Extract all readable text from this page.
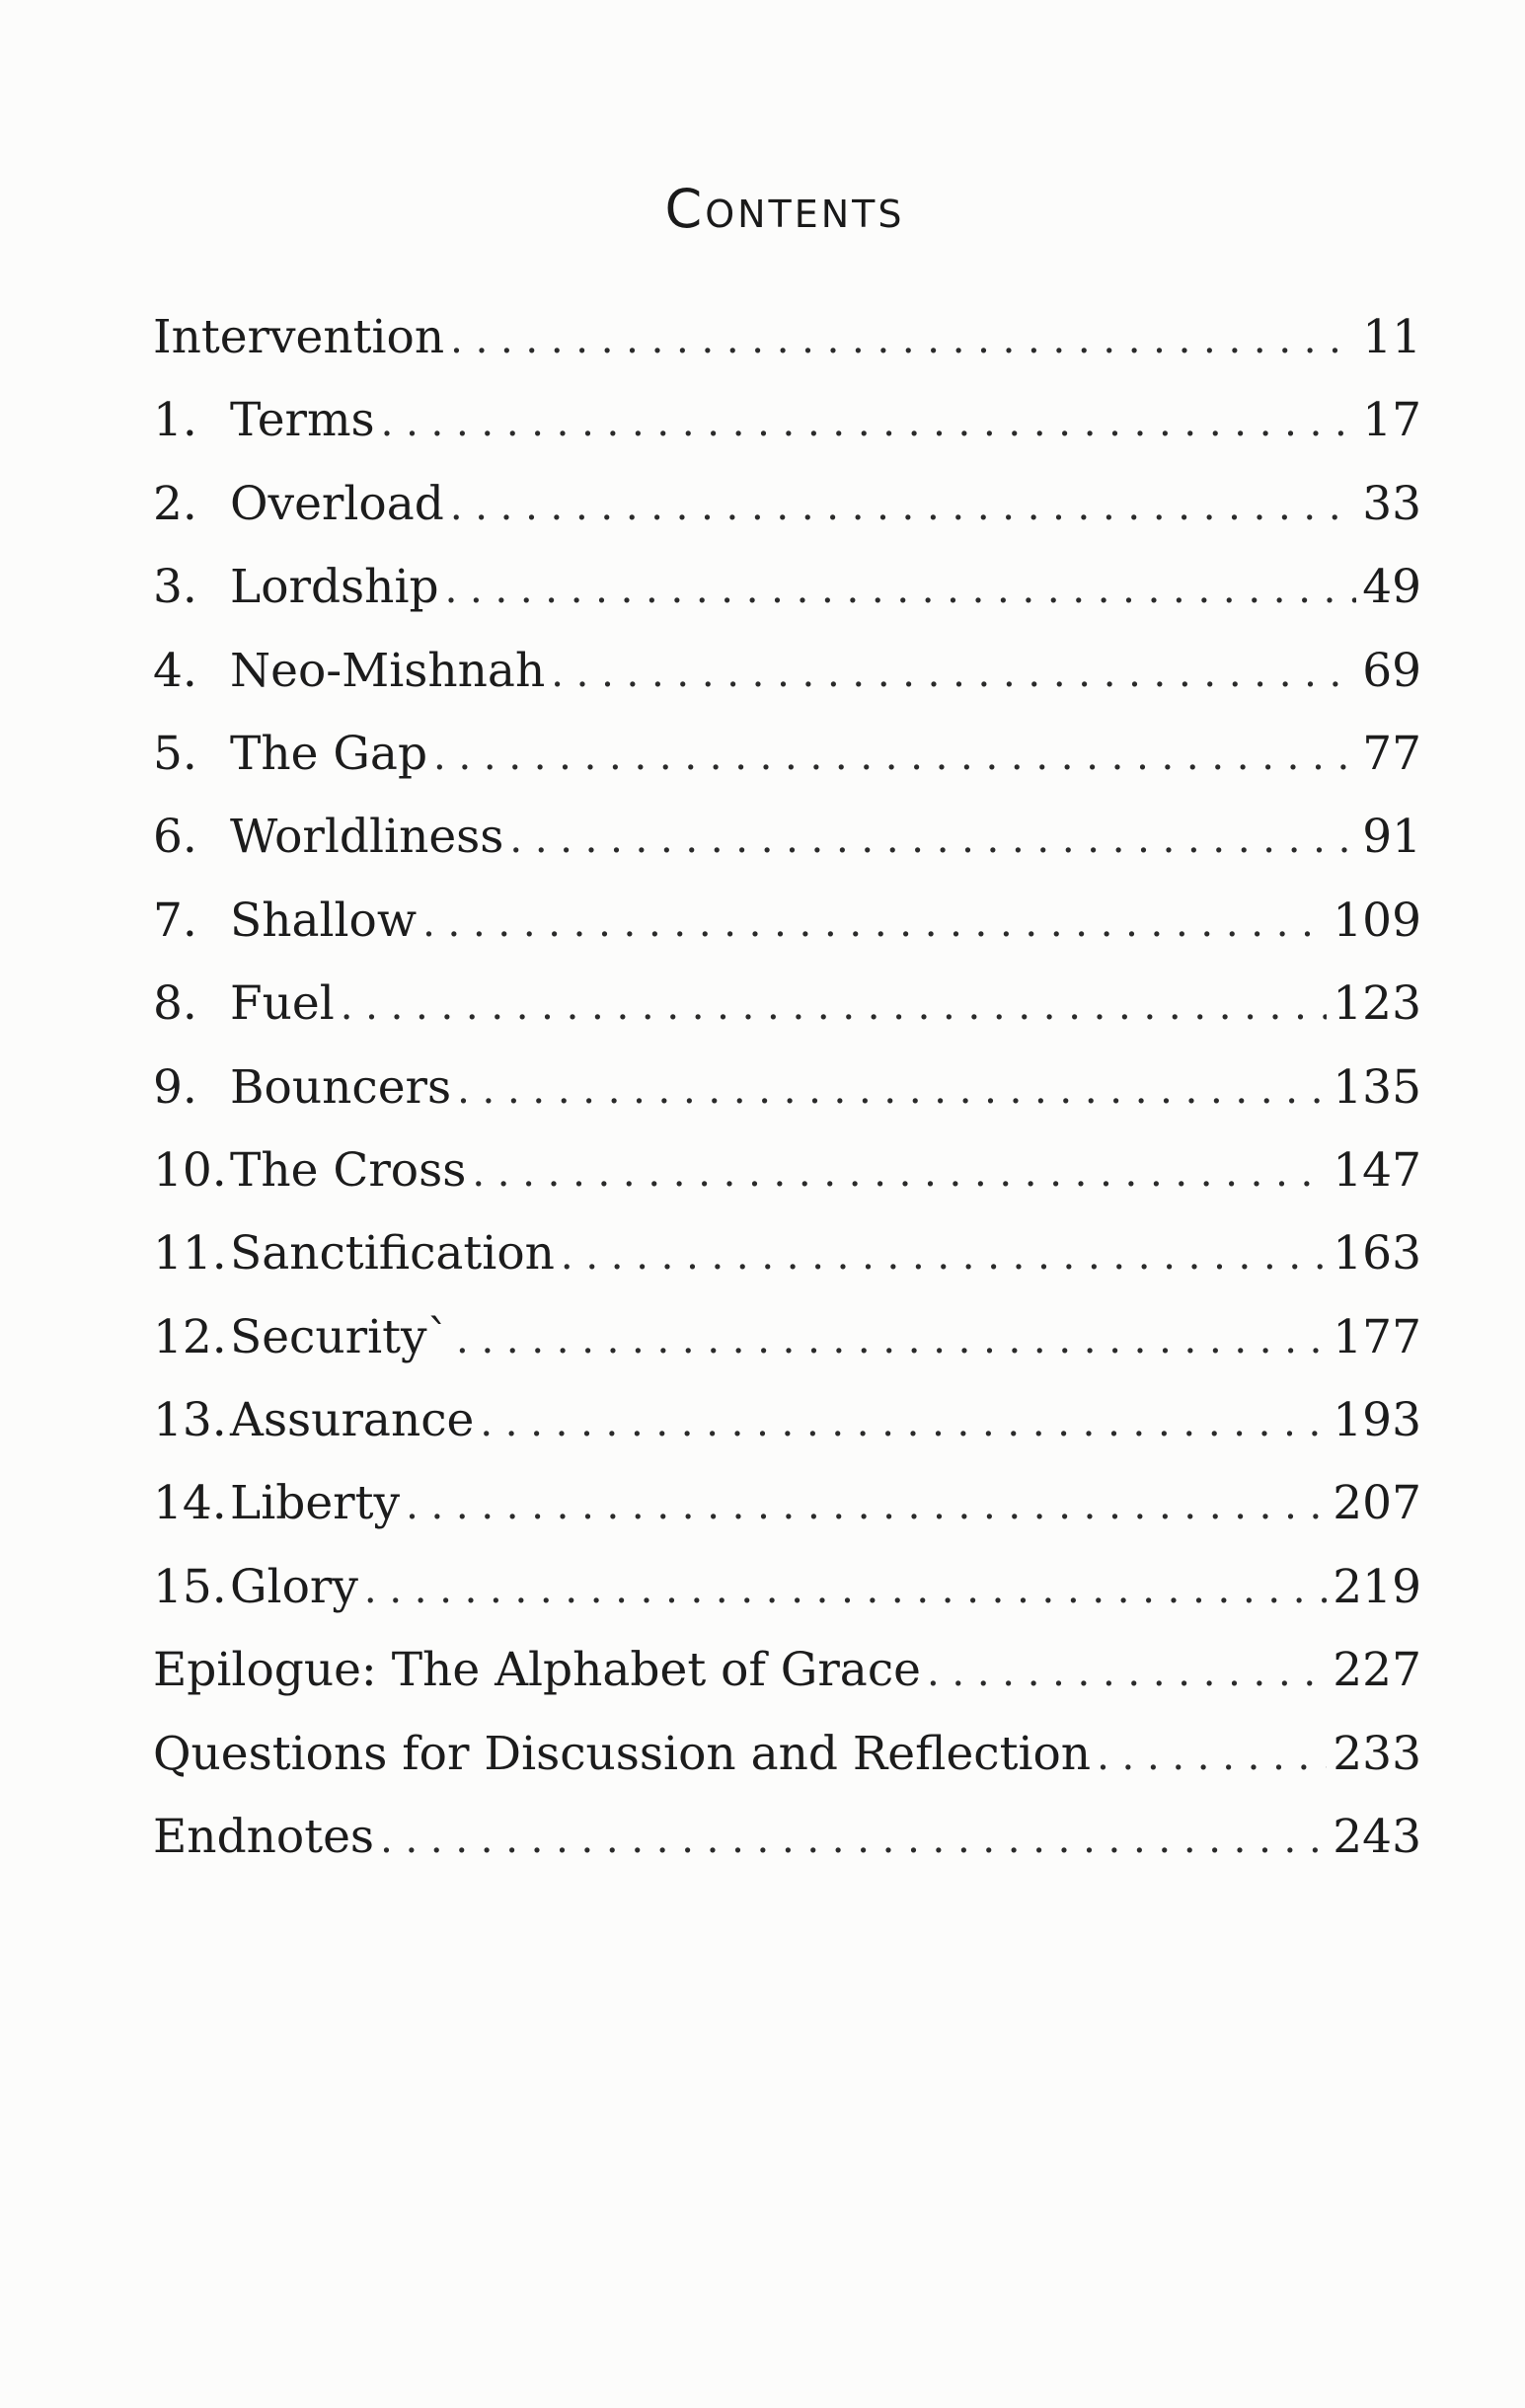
Contents
Intervention . . .	11
1. Terms . . .	17
2. Overload . . .	33
3. Lordship . . .	49
4. Neo-Mishnah . . .	69
5. The Gap . . .	77
6. Worldliness . . .	91
7. Shallow . . .	109
8. Fuel . . .	123
9. Bouncers . . .	135
10. The Cross . . .	147
11. Sanctification . . .	163
12. Security` . . .	177
13. Assurance . . .	193
14. Liberty . . .	207
15. Glory . . .	219
Epilogue: The Alphabet of Grace . . .	227
Questions for Discussion and Reflection . . .	233
Endnotes . . .	243
